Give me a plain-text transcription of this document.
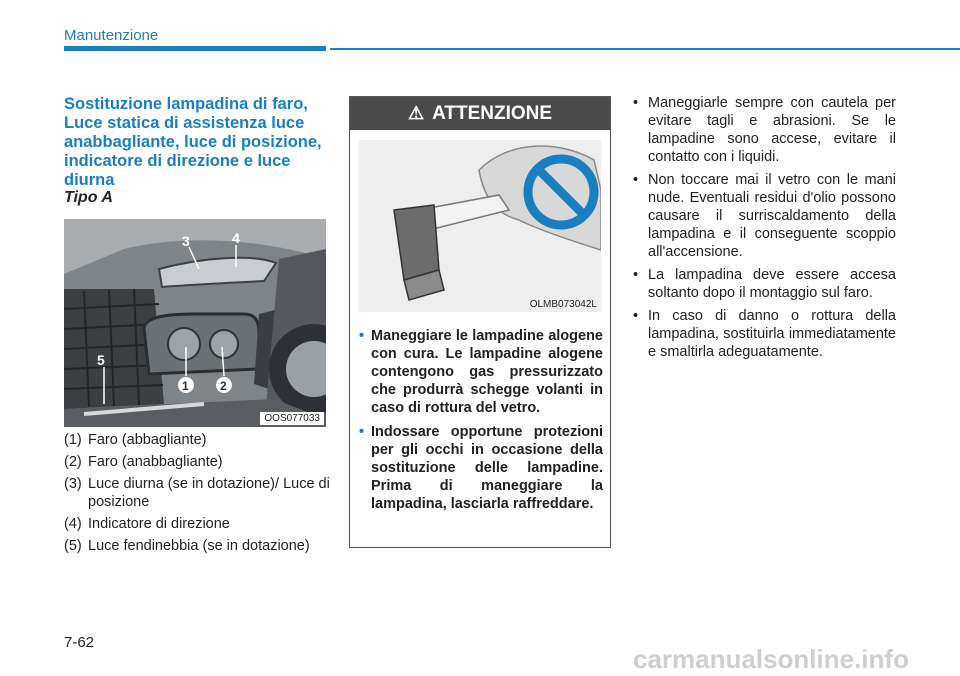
Manutenzione
Sostituzione lampadina di faro, Luce statica di assistenza luce anabbagliante, luce di posizione, indicatore di direzione e luce diurna
Tipo A
3	4
5
1	2
OOS077033
(1) Faro (abbagliante)
(2) Faro (anabbagliante)
(3) Luce diurna (se in dotazione)/ Luce di posizione
(4) Indicatore di direzione
(5) Luce fendinebbia (se in dotazione)
⚠ ATTENZIONE
OLMB073042L
• Maneggiare le lampadine alogene con cura. Le lampadine alogene contengono gas pressurizzato che produrrà schegge volanti in caso di rottura del vetro.
• Indossare opportune protezioni per gli occhi in occasione della sostituzione delle lampadine. Prima di maneggiare la lampadina, lasciarla raffreddare.
• Maneggiarle sempre con cautela per evitare tagli e abrasioni. Se le lampadine sono accese, evitare il contatto con i liquidi.
• Non toccare mai il vetro con le mani nude. Eventuali residui d'olio possono causare il surriscaldamento della lampadina e il conseguente scoppio all'accensione.
• La lampadina deve essere accesa soltanto dopo il montaggio sul faro.
• In caso di danno o rottura della lampadina, sostituirla immediatamente e smaltirla adeguatamente.
7-62
carmanualsonline.info
